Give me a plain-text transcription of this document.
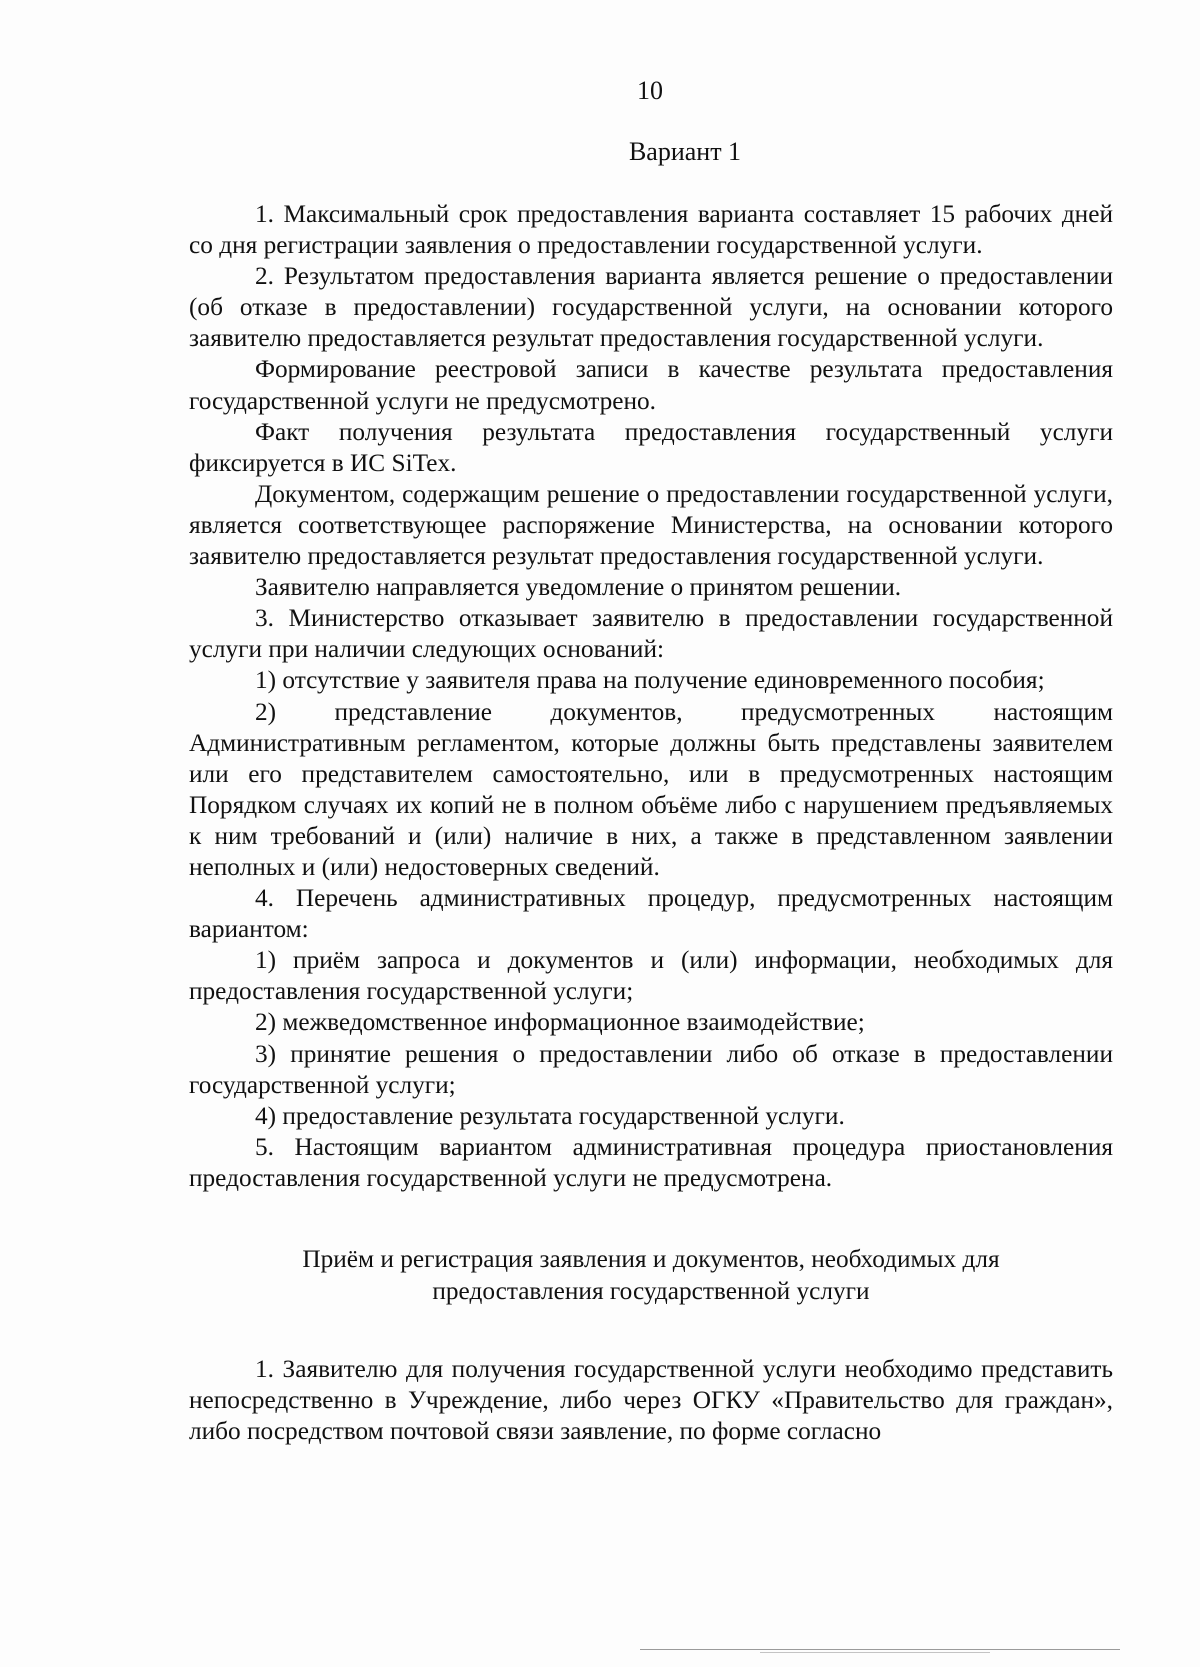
10
Вариант 1

1. Максимальный срок предоставления варианта составляет 15 рабочих дней со дня регистрации заявления о предоставлении государственной услуги.

2. Результатом предоставления варианта является решение о предоставлении (об отказе в предоставлении) государственной услуги, на основании которого заявителю предоставляется результат предоставления государственной услуги.

Формирование реестровой записи в качестве результата предоставления государственной услуги не предусмотрено.

Факт получения результата предоставления государственный услуги фиксируется в ИС SiTex.

Документом, содержащим решение о предоставлении государственной услуги, является соответствующее распоряжение Министерства, на основании которого заявителю предоставляется результат предоставления государственной услуги.

Заявителю направляется уведомление о принятом решении.

3. Министерство отказывает заявителю в предоставлении государственной услуги при наличии следующих оснований:

1) отсутствие у заявителя права на получение единовременного пособия;

2) представление документов, предусмотренных настоящим Административным регламентом, которые должны быть представлены заявителем или его представителем самостоятельно, или в предусмотренных настоящим Порядком случаях их копий не в полном объёме либо с нарушением предъявляемых к ним требований и (или) наличие в них, а также в представленном заявлении неполных и (или) недостоверных сведений.

4. Перечень административных процедур, предусмотренных настоящим вариантом:

1) приём запроса и документов и (или) информации, необходимых для предоставления государственной услуги;

2) межведомственное информационное взаимодействие;

3) принятие решения о предоставлении либо об отказе в предоставлении государственной услуги;

4) предоставление результата государственной услуги.

5. Настоящим вариантом административная процедура приостановления предоставления государственной услуги не предусмотрена.

Приём и регистрация заявления и документов, необходимых для
предоставления государственной услуги

1. Заявителю для получения государственной услуги необходимо представить непосредственно в Учреждение, либо через ОГКУ «Правительство для граждан», либо посредством почтовой связи заявление, по форме согласно
